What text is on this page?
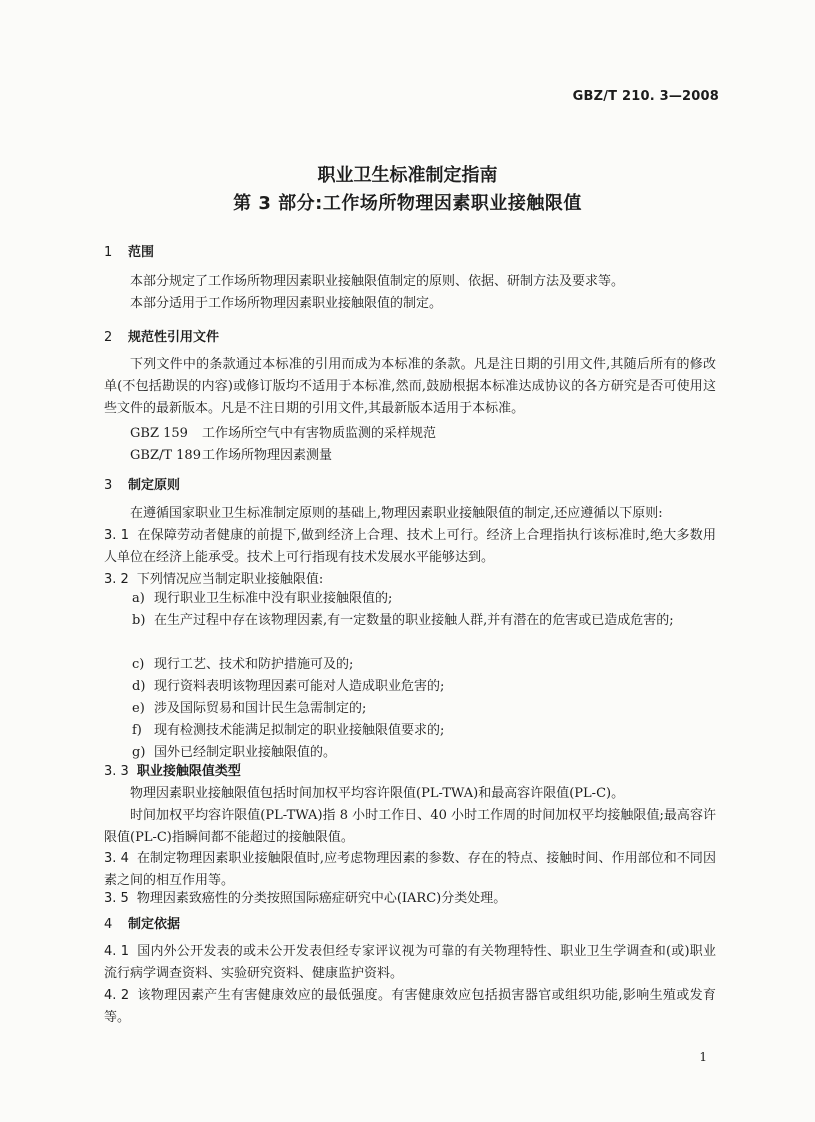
GBZ/T 210. 3—2008
职业卫生标准制定指南
第 3 部分:工作场所物理因素职业接触限值
1 范围
本部分规定了工作场所物理因素职业接触限值制定的原则、依据、研制方法及要求等。
本部分适用于工作场所物理因素职业接触限值的制定。
2 规范性引用文件
下列文件中的条款通过本标准的引用而成为本标准的条款。凡是注日期的引用文件,其随后所有的修改单(不包括勘误的内容)或修订版均不适用于本标准,然而,鼓励根据本标准达成协议的各方研究是否可使用这些文件的最新版本。凡是不注日期的引用文件,其最新版本适用于本标准。
GBZ 159 工作场所空气中有害物质监测的采样规范
GBZ/T 189工作场所物理因素测量
3 制定原则
在遵循国家职业卫生标准制定原则的基础上,物理因素职业接触限值的制定,还应遵循以下原则:
3. 1 在保障劳动者健康的前提下,做到经济上合理、技术上可行。经济上合理指执行该标准时,绝大多数用人单位在经济上能承受。技术上可行指现有技术发展水平能够达到。
3. 2 下列情况应当制定职业接触限值:
a) 现行职业卫生标准中没有职业接触限值的;
b) 在生产过程中存在该物理因素,有一定数量的职业接触人群,并有潜在的危害或已造成危害的;
c) 现行工艺、技术和防护措施可及的;
d) 现行资料表明该物理因素可能对人造成职业危害的;
e) 涉及国际贸易和国计民生急需制定的;
f) 现有检测技术能满足拟制定的职业接触限值要求的;
g) 国外已经制定职业接触限值的。
3. 3 职业接触限值类型
物理因素职业接触限值包括时间加权平均容许限值(PL-TWA)和最高容许限值(PL-C)。
时间加权平均容许限值(PL-TWA)指 8 小时工作日、40 小时工作周的时间加权平均接触限值;最高容许限值(PL-C)指瞬间都不能超过的接触限值。
3. 4 在制定物理因素职业接触限值时,应考虑物理因素的参数、存在的特点、接触时间、作用部位和不同因素之间的相互作用等。
3. 5 物理因素致癌性的分类按照国际癌症研究中心(IARC)分类处理。
4 制定依据
4. 1 国内外公开发表的或未公开发表但经专家评议视为可靠的有关物理特性、职业卫生学调查和(或)职业流行病学调查资料、实验研究资料、健康监护资料。
4. 2 该物理因素产生有害健康效应的最低强度。有害健康效应包括损害器官或组织功能,影响生殖或发育等。
1
